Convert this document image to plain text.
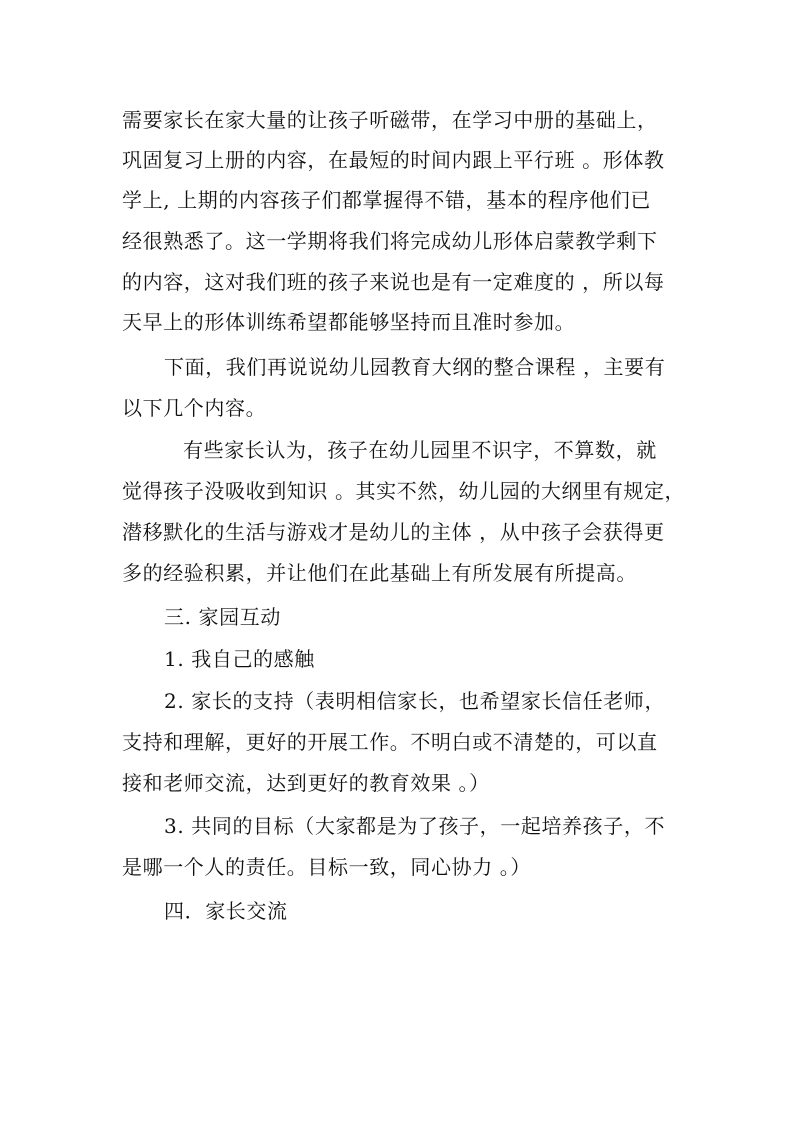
需要家长在家大量的让孩子听磁带，在学习中册的基础上，
巩固复习上册的内容，在最短的时间内跟上平行班 。形体教
学上, 上期的内容孩子们都掌握得不错，基本的程序他们已
经很熟悉了。这一学期将我们将完成幼儿形体启蒙教学剩下
的内容，这对我们班的孩子来说也是有一定难度的 ，所以每
天早上的形体训练希望都能够坚持而且准时参加。
下面，我们再说说幼儿园教育大纲的整合课程 ，主要有
以下几个内容。
有些家长认为，孩子在幼儿园里不识字，不算数，就
觉得孩子没吸收到知识 。其实不然，幼儿园的大纲里有规定，
潜移默化的生活与游戏才是幼儿的主体 ，从中孩子会获得更
多的经验积累，并让他们在此基础上有所发展有所提高。
三. 家园互动
1. 我自己的感触
2. 家长的支持（表明相信家长，也希望家长信任老师，
支持和理解，更好的开展工作。不明白或不清楚的，可以直
接和老师交流，达到更好的教育效果 。）
3. 共同的目标（大家都是为了孩子，一起培养孩子，不
是哪一个人的责任。目标一致，同心协力 。）
四．家长交流
